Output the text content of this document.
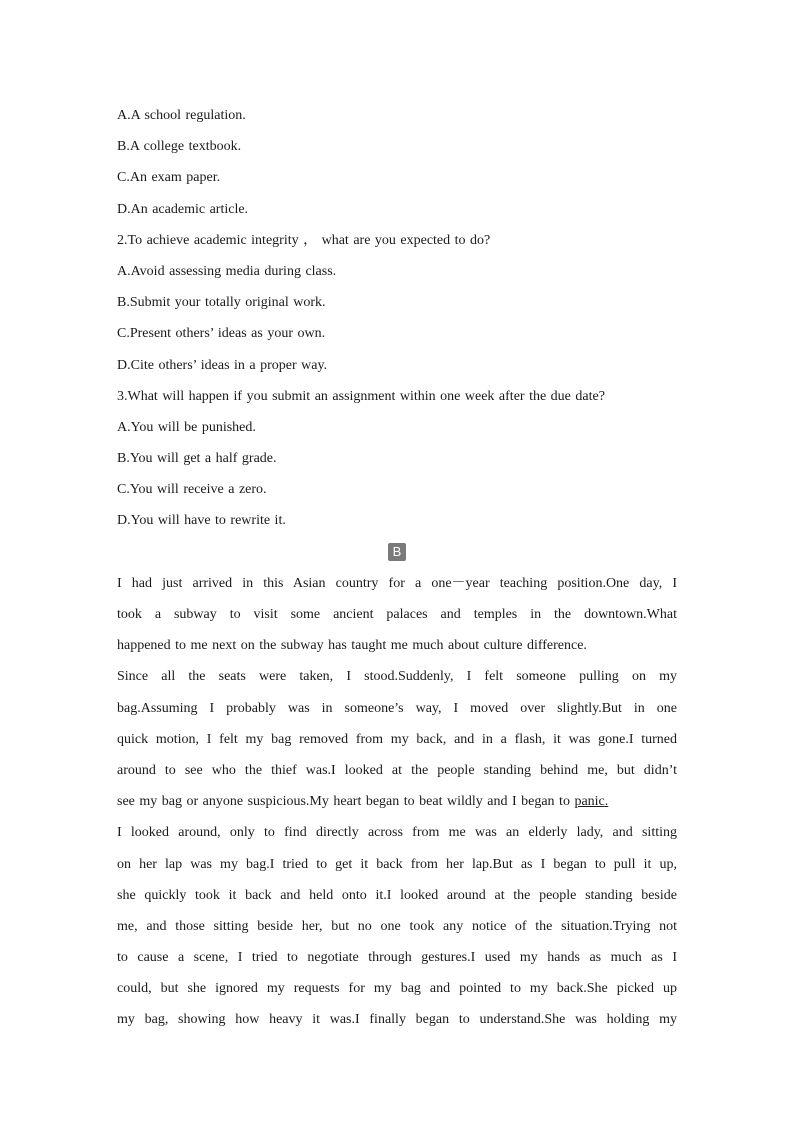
A.A school regulation.
B.A college textbook.
C.An exam paper.
D.An academic article.
2.To achieve academic integrity ， what are you expected to do?
A.Avoid assessing media during class.
B.Submit your totally original work.
C.Present others’ ideas as your own.
D.Cite others’ ideas in a proper way.
3.What will happen if you submit an assignment within one week after the due date?
A.You will be punished.
B.You will get a half grade.
C.You will receive a zero.
D.You will have to rewrite it.
B
I had just arrived in this Asian country for a one－year teaching position.One day, I
took a subway to visit some ancient palaces and temples in the downtown.What
happened to me next on the subway has taught me much about culture difference.
Since all the seats were taken, I stood.Suddenly, I felt someone pulling on my
bag.Assuming I probably was in someone’s way, I moved over slightly.But in one
quick motion, I felt my bag removed from my back, and in a flash, it was gone.I turned
around to see who the thief was.I looked at the people standing behind me, but didn’t
see my bag or anyone suspicious.My heart began to beat wildly and I began to panic.
I looked around, only to find directly across from me was an elderly lady, and sitting
on her lap was my bag.I tried to get it back from her lap.But as I began to pull it up,
she quickly took it back and held onto it.I looked around at the people standing beside
me, and those sitting beside her, but no one took any notice of the situation.Trying not
to cause a scene, I tried to negotiate through gestures.I used my hands as much as I
could, but she ignored my requests for my bag and pointed to my back.She picked up
my bag, showing how heavy it was.I finally began to understand.She was holding my
